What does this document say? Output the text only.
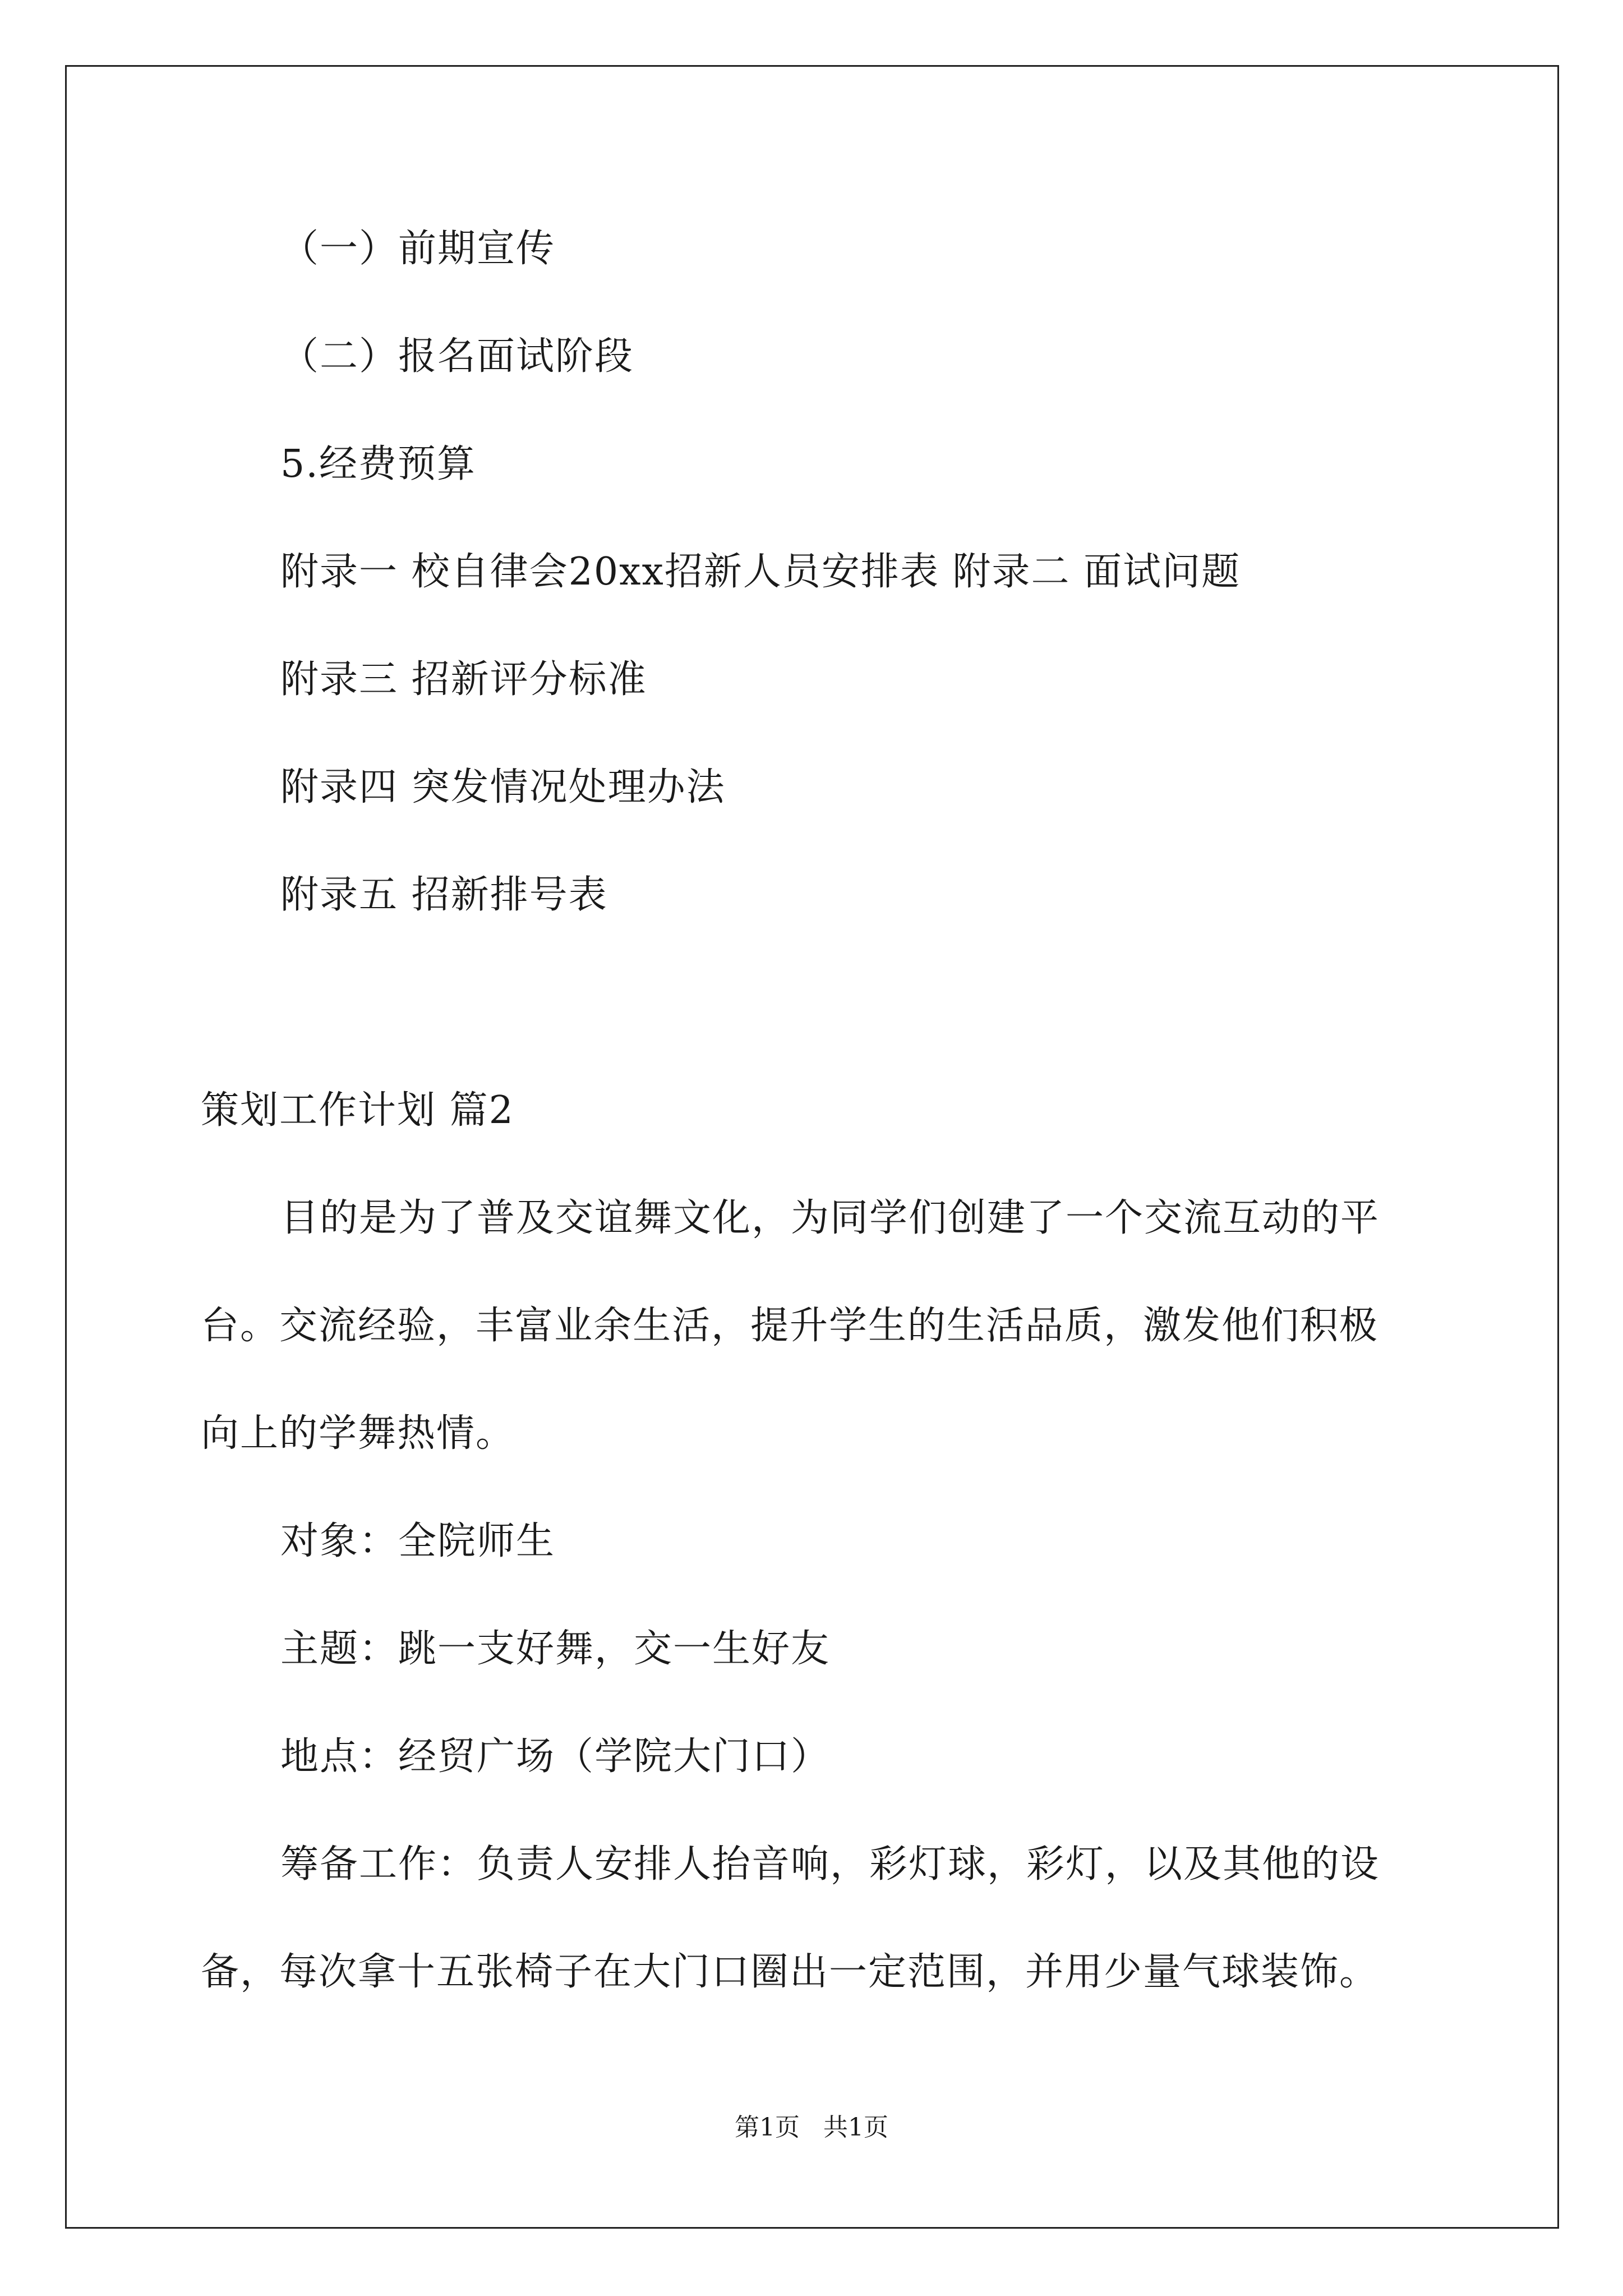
（一）前期宣传
（二）报名面试阶段
5.经费预算
附录一 校自律会20xx招新人员安排表 附录二 面试问题
附录三 招新评分标准
附录四 突发情况处理办法
附录五 招新排号表
策划工作计划 篇2
目的是为了普及交谊舞文化，为同学们创建了一个交流互动的平
台。交流经验，丰富业余生活，提升学生的生活品质，激发他们积极
向上的学舞热情。
对象：全院师生
主题：跳一支好舞，交一生好友
地点：经贸广场（学院大门口）
筹备工作：负责人安排人抬音响，彩灯球，彩灯，以及其他的设
备，每次拿十五张椅子在大门口圈出一定范围，并用少量气球装饰。
第1页   共1页
